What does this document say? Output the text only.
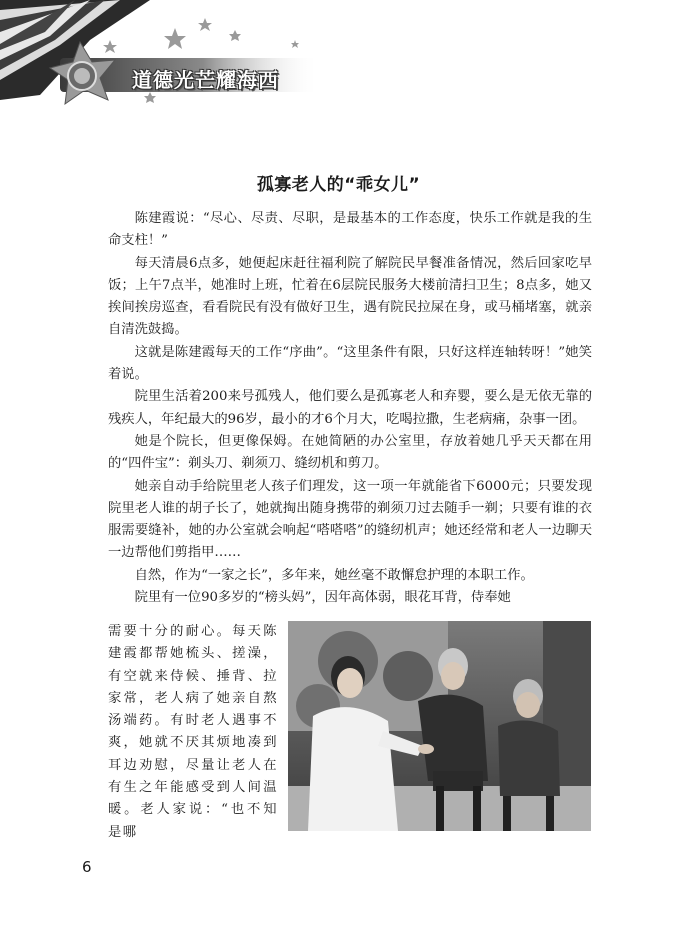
道德光芒耀海西
孤寡老人的“乖女儿”

陈建霞说：“尽心、尽责、尽职，是最基本的工作态度，快乐工作就是我的生命支柱！”

每天清晨6点多，她便起床赶往福利院了解院民早餐准备情况，然后回家吃早饭；上午7点半，她准时上班，忙着在6层院民服务大楼前清扫卫生；8点多，她又挨间挨房巡查，看看院民有没有做好卫生，遇有院民拉屎在身，或马桶堵塞，就亲自清洗鼓捣。

这就是陈建霞每天的工作“序曲”。“这里条件有限，只好这样连轴转呀！”她笑着说。

院里生活着200来号孤残人，他们要么是孤寡老人和弃婴，要么是无依无靠的残疾人，年纪最大的96岁，最小的才6个月大，吃喝拉撒，生老病痛，杂事一团。

她是个院长，但更像保姆。在她简陋的办公室里，存放着她几乎天天都在用的“四件宝”：剃头刀、剃须刀、缝纫机和剪刀。

她亲自动手给院里老人孩子们理发，这一项一年就能省下6000元；只要发现院里老人谁的胡子长了，她就掏出随身携带的剃须刀过去随手一剃；只要有谁的衣服需要缝补，她的办公室就会响起“嗒嗒嗒”的缝纫机声；她还经常和老人一边聊天一边帮他们剪指甲……

自然，作为“一家之长”，多年来，她丝毫不敢懈怠护理的本职工作。

院里有一位90多岁的“榜头妈”，因年高体弱，眼花耳背，侍奉她

需要十分的耐心。每天陈建霞都帮她梳头、搓澡，有空就来侍候、捶背、拉家常，老人病了她亲自熬汤端药。有时老人遇事不爽，她就不厌其烦地凑到耳边劝慰，尽量让老人在有生之年能感受到人间温暖。老人家说：“也不知是哪
6
